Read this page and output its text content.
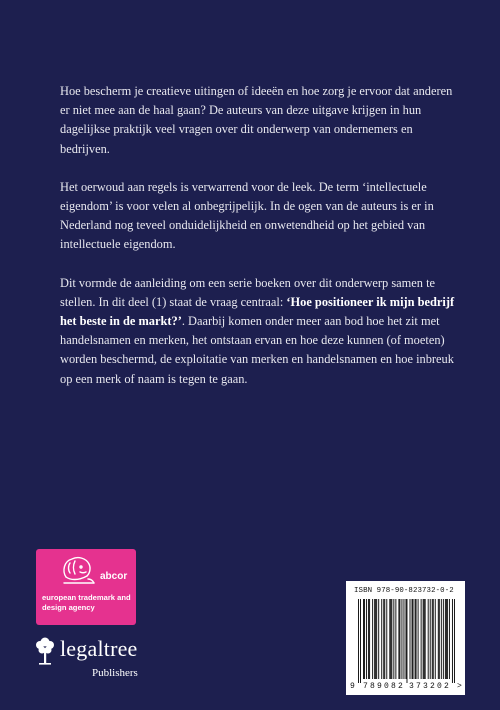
Hoe bescherm je creatieve uitingen of ideeën en hoe zorg je ervoor dat anderen er niet mee aan de haal gaan? De auteurs van deze uitgave krijgen in hun dagelijkse praktijk veel vragen over dit onderwerp van ondernemers en bedrijven.

Het oerwoud aan regels is verwarrend voor de leek. De term ‘intellectuele eigendom’ is voor velen al onbegrijpelijk. In de ogen van de auteurs is er in Nederland nog teveel onduidelijkheid en onwetendheid op het gebied van intellectuele eigendom.

Dit vormde de aanleiding om een serie boeken over dit onderwerp samen te stellen. In dit deel (1) staat de vraag centraal: ‘Hoe positioneer ik mijn bedrijf het beste in de markt?’. Daarbij komen onder meer aan bod hoe het zit met handelsnamen en merken, het ontstaan ervan en hoe deze kunnen (of moeten) worden beschermd, de exploitatie van merken en handelsnamen en hoe inbreuk op een merk of naam is tegen te gaan.

abcor
european trademark and design agency
legaltree
Publishers
ISBN 978-90-823732-0-2
9 789082 373202 >
